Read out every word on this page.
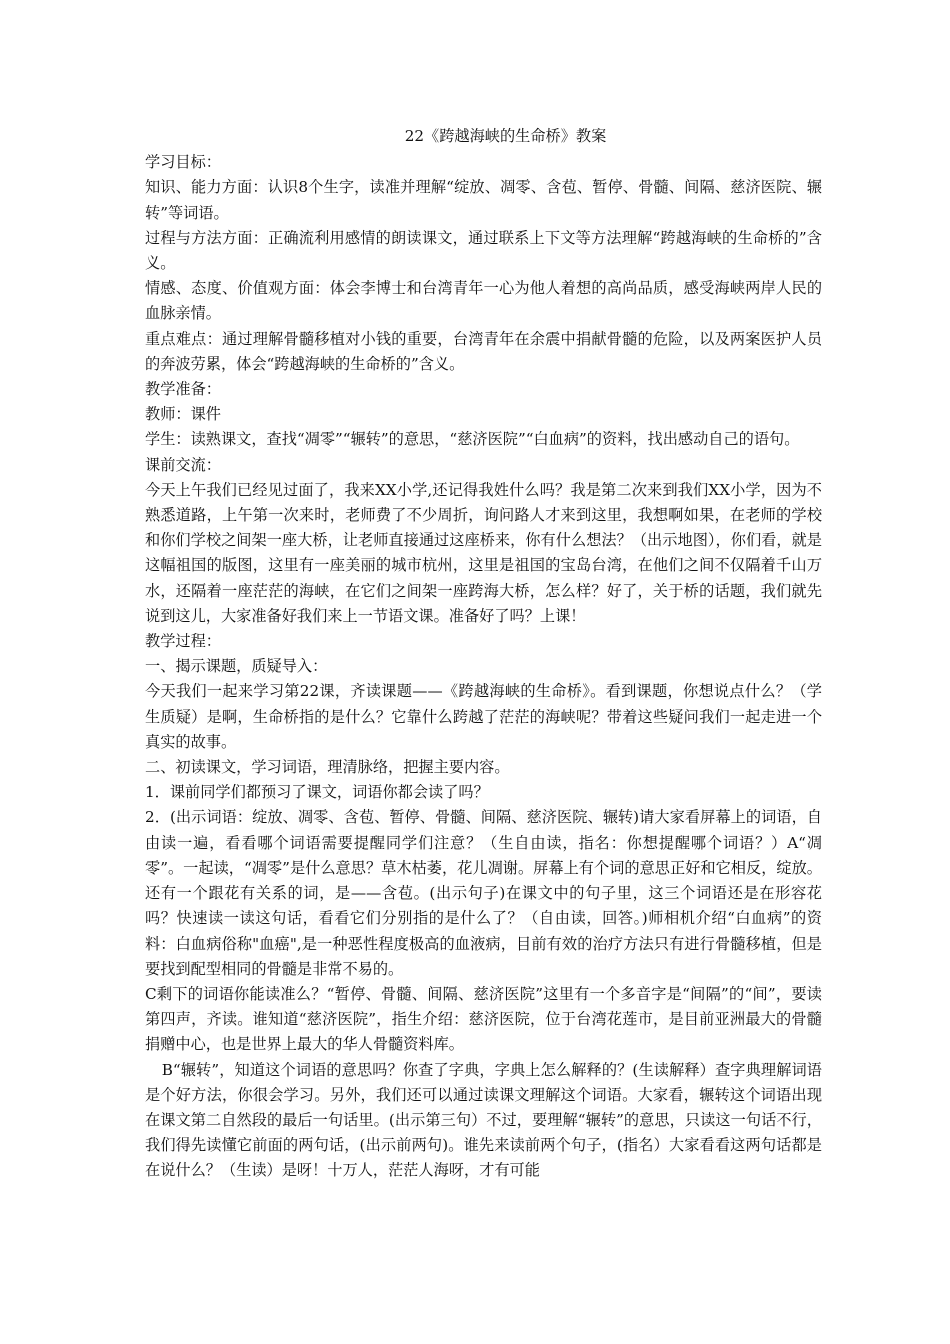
22《跨越海峡的生命桥》教案

学习目标：

知识、能力方面：认识8个生字，读准并理解“绽放、凋零、含苞、暂停、骨髓、间隔、慈济医院、辗转”等词语。

过程与方法方面：正确流利用感情的朗读课文，通过联系上下文等方法理解“跨越海峡的生命桥的”含义。

情感、态度、价值观方面：体会李博士和台湾青年一心为他人着想的高尚品质，感受海峡两岸人民的血脉亲情。

重点难点：通过理解骨髓移植对小钱的重要，台湾青年在余震中捐献骨髓的危险，以及两案医护人员的奔波劳累，体会“跨越海峡的生命桥的”含义。

教学准备：

教师：课件

学生：读熟课文，查找“凋零”“辗转”的意思，“慈济医院”“白血病”的资料，找出感动自己的语句。

课前交流：

今天上午我们已经见过面了，我来XX小学,还记得我姓什么吗？我是第二次来到我们XX小学，因为不熟悉道路，上午第一次来时，老师费了不少周折，询问路人才来到这里，我想啊如果，在老师的学校和你们学校之间架一座大桥，让老师直接通过这座桥来，你有什么想法？（出示地图），你们看，就是这幅祖国的版图，这里有一座美丽的城市杭州，这里是祖国的宝岛台湾，在他们之间不仅隔着千山万水，还隔着一座茫茫的海峡，在它们之间架一座跨海大桥，怎么样？好了，关于桥的话题，我们就先说到这儿，大家准备好我们来上一节语文课。准备好了吗？上课！

教学过程：

一、揭示课题，质疑导入：

今天我们一起来学习第22课，齐读课题——《跨越海峡的生命桥》。看到课题，你想说点什么？（学生质疑）是啊，生命桥指的是什么？它靠什么跨越了茫茫的海峡呢？带着这些疑问我们一起走进一个真实的故事。

二、初读课文，学习词语，理清脉络，把握主要内容。

1．课前同学们都预习了课文，词语你都会读了吗？

2．(出示词语：绽放、凋零、含苞、暂停、骨髓、间隔、慈济医院、辗转)请大家看屏幕上的词语，自由读一遍，看看哪个词语需要提醒同学们注意？（生自由读，指名：你想提醒哪个词语？）A“凋零”。一起读，“凋零”是什么意思？草木枯萎，花儿凋谢。屏幕上有个词的意思正好和它相反，绽放。还有一个跟花有关系的词，是——含苞。(出示句子)在课文中的句子里，这三个词语还是在形容花吗？快速读一读这句话，看看它们分别指的是什么了？（自由读，回答。)师相机介绍“白血病”的资料：白血病俗称"血癌",是一种恶性程度极高的血液病，目前有效的治疗方法只有进行骨髓移植，但是要找到配型相同的骨髓是非常不易的。

C剩下的词语你能读准么？“暂停、骨髓、间隔、慈济医院”这里有一个多音字是“间隔”的“间”，要读第四声，齐读。谁知道“慈济医院”，指生介绍：慈济医院，位于台湾花莲市，是目前亚洲最大的骨髓捐赠中心，也是世界上最大的华人骨髓资料库。

B“辗转”，知道这个词语的意思吗？你查了字典，字典上怎么解释的？(生读解释）查字典理解词语是个好方法，你很会学习。另外，我们还可以通过读课文理解这个词语。大家看，辗转这个词语出现在课文第二自然段的最后一句话里。(出示第三句）不过，要理解“辗转”的意思，只读这一句话不行，我们得先读懂它前面的两句话，(出示前两句)。谁先来读前两个句子，(指名）大家看看这两句话都是在说什么？（生读）是呀！十万人，茫茫人海呀，才有可能
